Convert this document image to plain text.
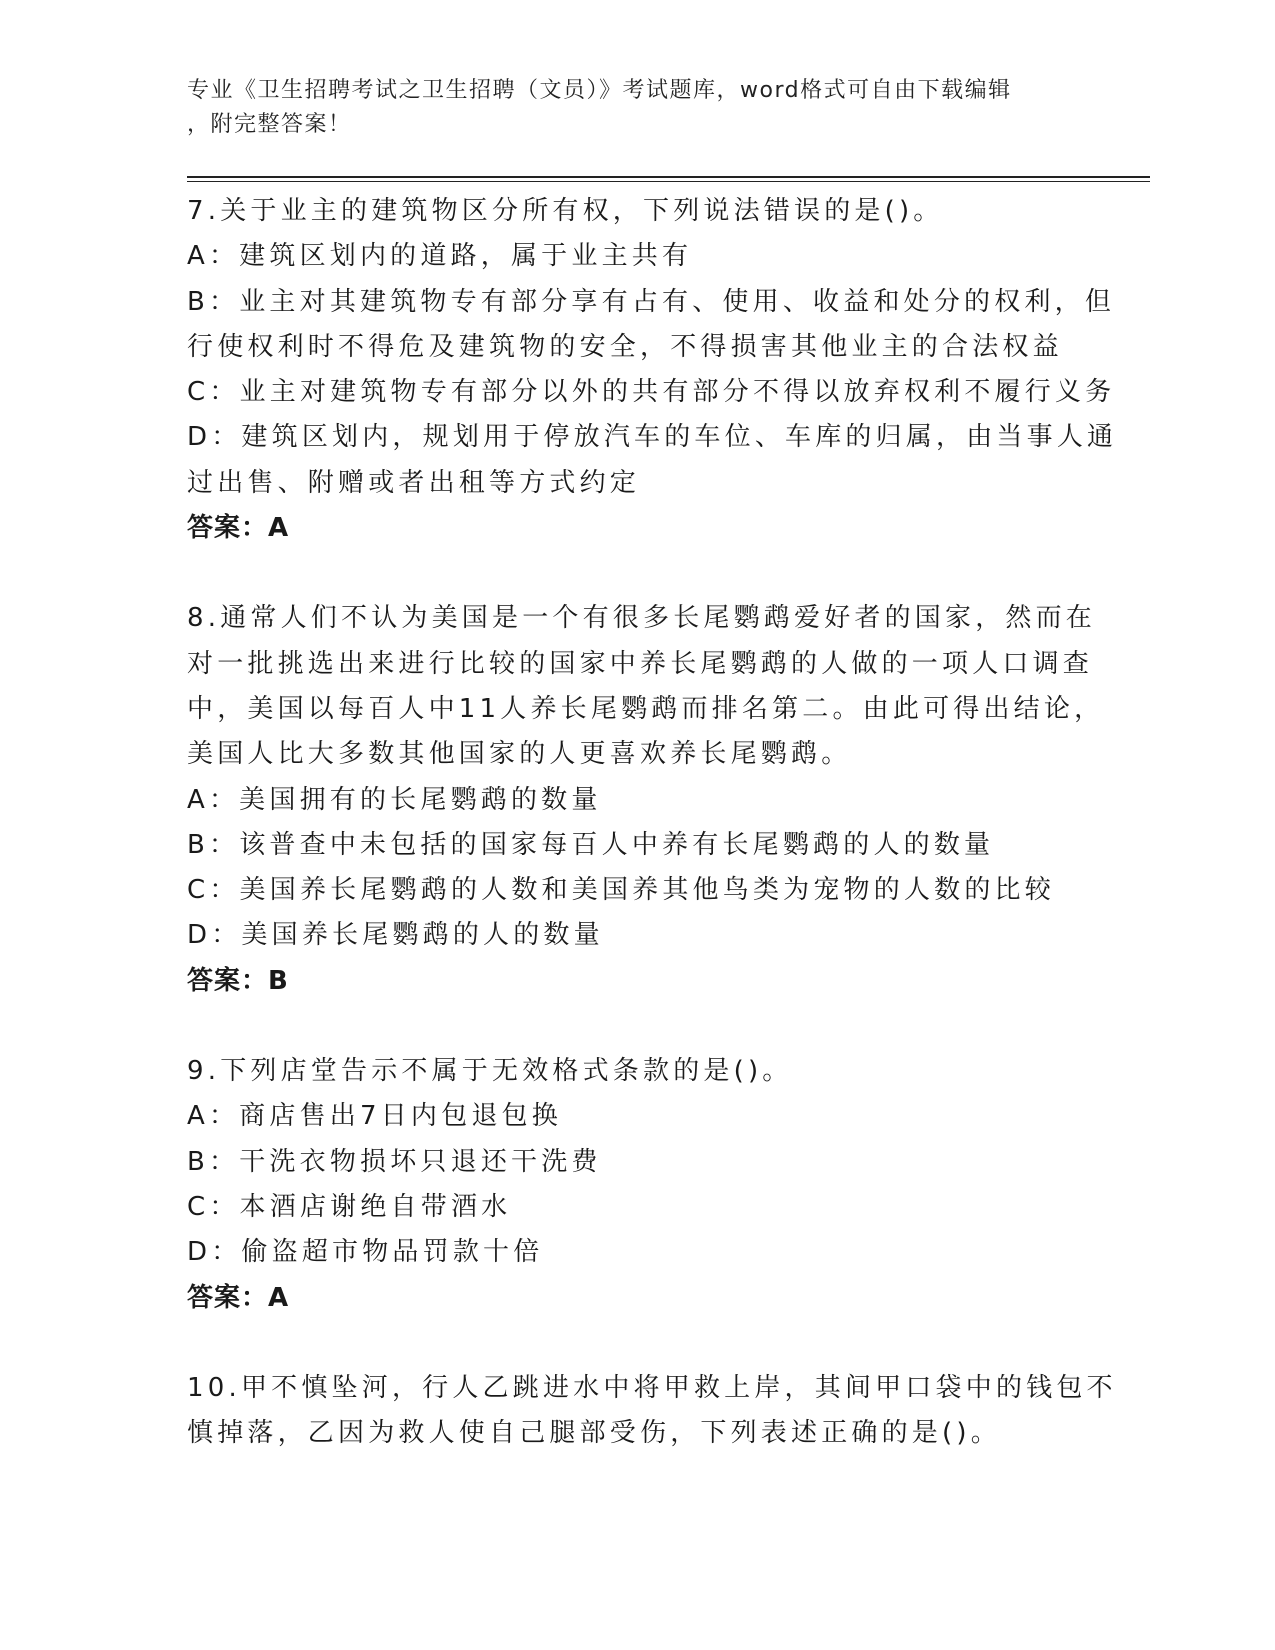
专业《卫生招聘考试之卫生招聘（文员）》考试题库，word格式可自由下载编辑
，附完整答案！
7.关于业主的建筑物区分所有权，下列说法错误的是()。
A：建筑区划内的道路，属于业主共有
B：业主对其建筑物专有部分享有占有、使用、收益和处分的权利，但
行使权利时不得危及建筑物的安全，不得损害其他业主的合法权益
C：业主对建筑物专有部分以外的共有部分不得以放弃权利不履行义务
D：建筑区划内，规划用于停放汽车的车位、车库的归属，由当事人通
过出售、附赠或者出租等方式约定
答案：A
8.通常人们不认为美国是一个有很多长尾鹦鹉爱好者的国家，然而在
对一批挑选出来进行比较的国家中养长尾鹦鹉的人做的一项人口调查
中，美国以每百人中11人养长尾鹦鹉而排名第二。由此可得出结论，
美国人比大多数其他国家的人更喜欢养长尾鹦鹉。
A：美国拥有的长尾鹦鹉的数量
B：该普查中未包括的国家每百人中养有长尾鹦鹉的人的数量
C：美国养长尾鹦鹉的人数和美国养其他鸟类为宠物的人数的比较
D：美国养长尾鹦鹉的人的数量
答案：B
9.下列店堂告示不属于无效格式条款的是()。
A：商店售出7日内包退包换
B：干洗衣物损坏只退还干洗费
C：本酒店谢绝自带酒水
D：偷盗超市物品罚款十倍
答案：A
10.甲不慎坠河，行人乙跳进水中将甲救上岸，其间甲口袋中的钱包不
慎掉落，乙因为救人使自己腿部受伤，下列表述正确的是()。
